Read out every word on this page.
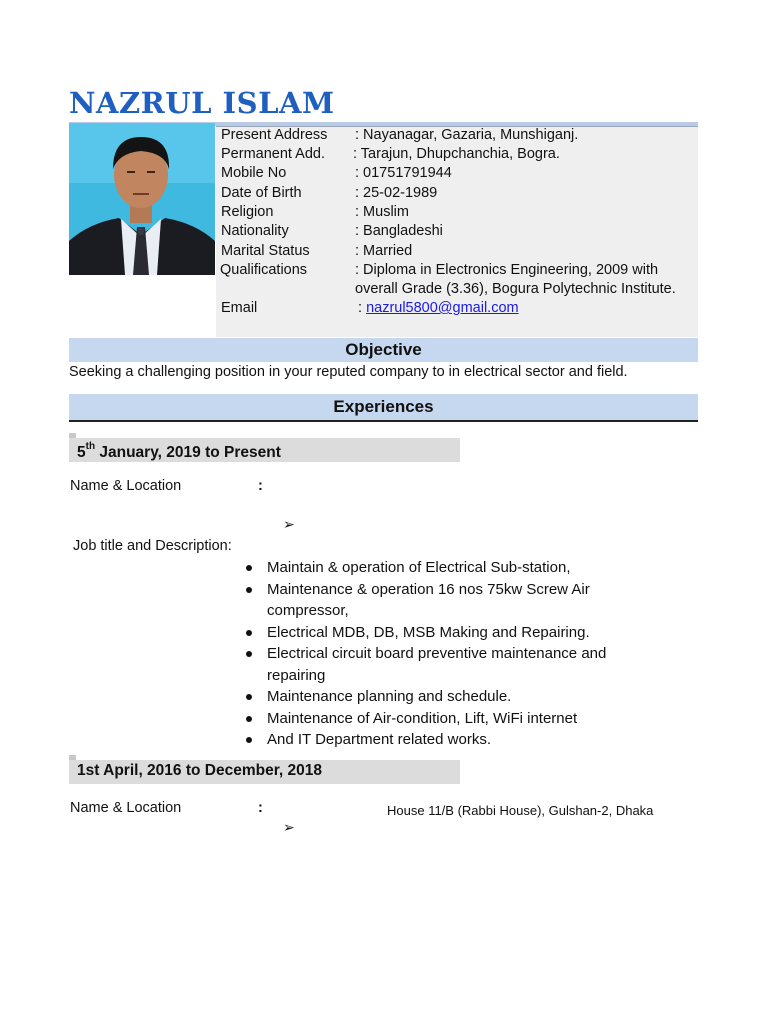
NAZRUL ISLAM
Present Address : Nayanagar, Gazaria, Munshiganj.
Permanent Add. : Tarajun, Dhupchanchia, Bogra.
Mobile No	: 01751791944
Date of Birth	: 25-02-1989
Religion	: Muslim
Nationality	: Bangladeshi
Marital Status	: Married
Qualifications	: Diploma in Electronics Engineering, 2009 with
overall Grade (3.36), Bogura Polytechnic Institute.
Email	: nazrul5800@gmail.com
Objective
Seeking a challenging position in your reputed company to in electrical sector and field.
Experiences
5th January, 2019 to Present
Name & Location	:
➢
Job title and Description:
Maintain & operation of Electrical Sub-station,
Maintenance & operation 16 nos 75kw Screw Air compressor,
Electrical MDB, DB, MSB Making and Repairing.
Electrical circuit board preventive maintenance and repairing
Maintenance planning and schedule.
Maintenance of Air-condition, Lift, WiFi internet
And IT Department related works.
1st April, 2016 to December, 2018
Name & Location	:	House 11/B (Rabbi House), Gulshan-2, Dhaka
➢
